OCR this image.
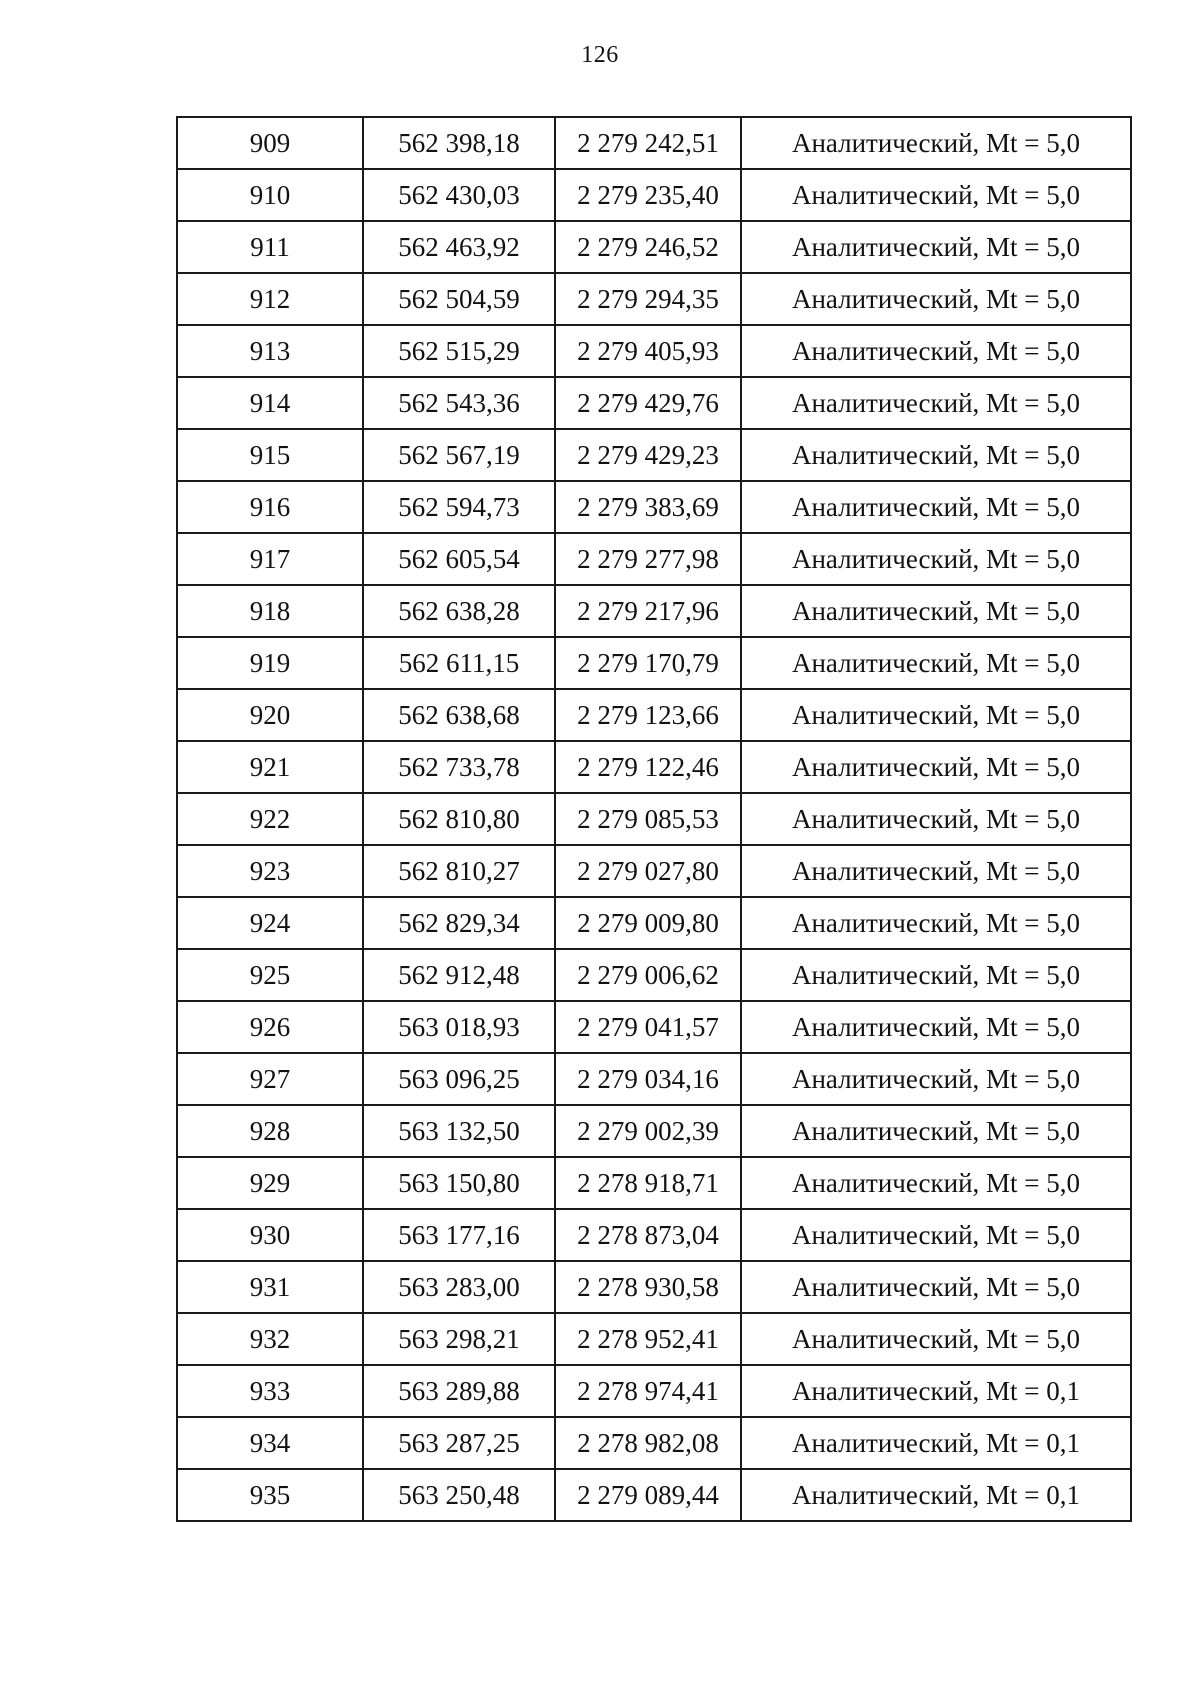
126
909	562 398,18	2 279 242,51	Аналитический, Mt = 5,0
910	562 430,03	2 279 235,40	Аналитический, Mt = 5,0
911	562 463,92	2 279 246,52	Аналитический, Mt = 5,0
912	562 504,59	2 279 294,35	Аналитический, Mt = 5,0
913	562 515,29	2 279 405,93	Аналитический, Mt = 5,0
914	562 543,36	2 279 429,76	Аналитический, Mt = 5,0
915	562 567,19	2 279 429,23	Аналитический, Mt = 5,0
916	562 594,73	2 279 383,69	Аналитический, Mt = 5,0
917	562 605,54	2 279 277,98	Аналитический, Mt = 5,0
918	562 638,28	2 279 217,96	Аналитический, Mt = 5,0
919	562 611,15	2 279 170,79	Аналитический, Mt = 5,0
920	562 638,68	2 279 123,66	Аналитический, Mt = 5,0
921	562 733,78	2 279 122,46	Аналитический, Mt = 5,0
922	562 810,80	2 279 085,53	Аналитический, Mt = 5,0
923	562 810,27	2 279 027,80	Аналитический, Mt = 5,0
924	562 829,34	2 279 009,80	Аналитический, Mt = 5,0
925	562 912,48	2 279 006,62	Аналитический, Mt = 5,0
926	563 018,93	2 279 041,57	Аналитический, Mt = 5,0
927	563 096,25	2 279 034,16	Аналитический, Mt = 5,0
928	563 132,50	2 279 002,39	Аналитический, Mt = 5,0
929	563 150,80	2 278 918,71	Аналитический, Mt = 5,0
930	563 177,16	2 278 873,04	Аналитический, Mt = 5,0
931	563 283,00	2 278 930,58	Аналитический, Mt = 5,0
932	563 298,21	2 278 952,41	Аналитический, Mt = 5,0
933	563 289,88	2 278 974,41	Аналитический, Mt = 0,1
934	563 287,25	2 278 982,08	Аналитический, Mt = 0,1
935	563 250,48	2 279 089,44	Аналитический, Mt = 0,1
